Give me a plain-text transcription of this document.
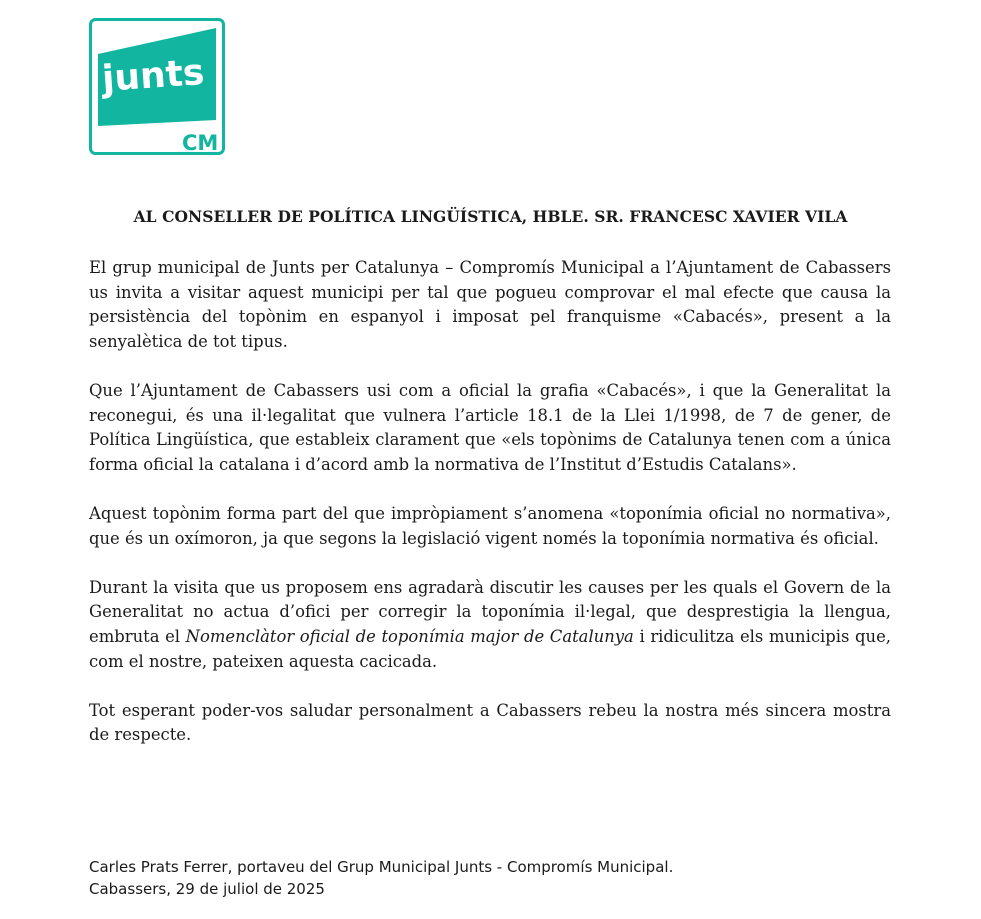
junts
CM
AL CONSELLER DE POLÍTICA LINGÜÍSTICA, HBLE. SR. FRANCESC XAVIER VILA

El grup municipal de Junts per Catalunya – Compromís Municipal a l’Ajuntament de Cabassers us invita a visitar aquest municipi per tal que pogueu comprovar el mal efecte que causa la persistència del topònim en espanyol i imposat pel franquisme «Cabacés», present a la senyalètica de tot tipus.

Que l’Ajuntament de Cabassers usi com a oficial la grafia «Cabacés», i que la Generalitat la reconegui, és una il·legalitat que vulnera l’article 18.1 de la Llei 1/1998, de 7 de gener, de Política Lingüística, que estableix clarament que «els topònims de Catalunya tenen com a única forma oficial la catalana i d’acord amb la normativa de l’Institut d’Estudis Catalans».

Aquest topònim forma part del que impròpiament s’anomena «toponímia oficial no normativa», que és un oxímoron, ja que segons la legislació vigent només la toponímia normativa és oficial.

Durant la visita que us proposem ens agradarà discutir les causes per les quals el Govern de la Generalitat no actua d’ofici per corregir la toponímia il·legal, que desprestigia la llengua, embruta el Nomenclàtor oficial de toponímia major de Catalunya i ridiculitza els municipis que, com el nostre, pateixen aquesta cacicada.

Tot esperant poder-vos saludar personalment a Cabassers rebeu la nostra més sincera mostra de respecte.

Carles Prats Ferrer, portaveu del Grup Municipal Junts - Compromís Municipal.
Cabassers, 29 de juliol de 2025
